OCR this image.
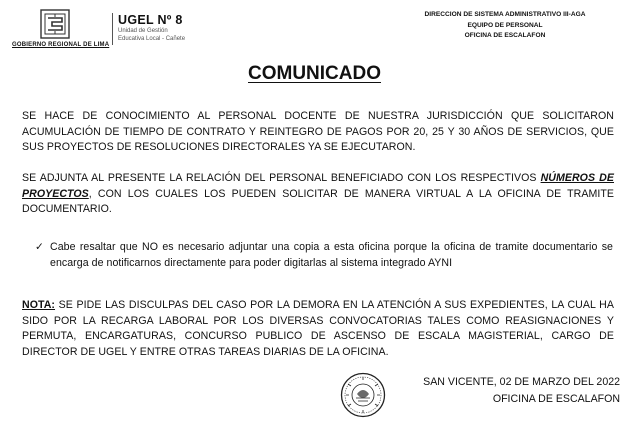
GOBIERNO REGIONAL DE LIMA
UGEL Nº 8
Unidad de Gestión
Educativa Local - Cañete
DIRECCION DE SISTEMA ADMINISTRATIVO III-AGA
EQUIPO DE PERSONAL
OFICINA DE ESCALAFON
COMUNICADO
SE HACE DE CONOCIMIENTO AL PERSONAL DOCENTE DE NUESTRA JURISDICCIÓN QUE SOLICITARON ACUMULACIÓN DE TIEMPO DE CONTRATO Y REINTEGRO DE PAGOS POR 20, 25 Y 30 AÑOS DE SERVICIOS, QUE SUS PROYECTOS DE RESOLUCIONES DIRECTORALES YA SE EJECUTARON.
SE ADJUNTA AL PRESENTE LA RELACIÓN DEL PERSONAL BENEFICIADO CON LOS RESPECTIVOS NÚMEROS DE PROYECTOS, CON LOS CUALES LOS PUEDEN SOLICITAR DE MANERA VIRTUAL A LA OFICINA DE TRAMITE DOCUMENTARIO.
✓ Cabe resaltar que NO es necesario adjuntar una copia a esta oficina porque la oficina de tramite documentario se encarga de notificarnos directamente para poder digitarlas al sistema integrado AYNI
NOTA: SE PIDE LAS DISCULPAS DEL CASO POR LA DEMORA EN LA ATENCIÓN A SUS EXPEDIENTES, LA CUAL HA SIDO POR LA RECARGA LABORAL POR LOS DIVERSAS CONVOCATORIAS TALES COMO REASIGNACIONES Y PERMUTA, ENCARGATURAS, CONCURSO PUBLICO DE ASCENSO DE ESCALA MAGISTERIAL, CARGO DE DIRECTOR DE UGEL Y ENTRE OTRAS TAREAS DIARIAS DE LA OFICINA.
SAN VICENTE, 02 DE MARZO DEL 2022
OFICINA DE ESCALAFON
